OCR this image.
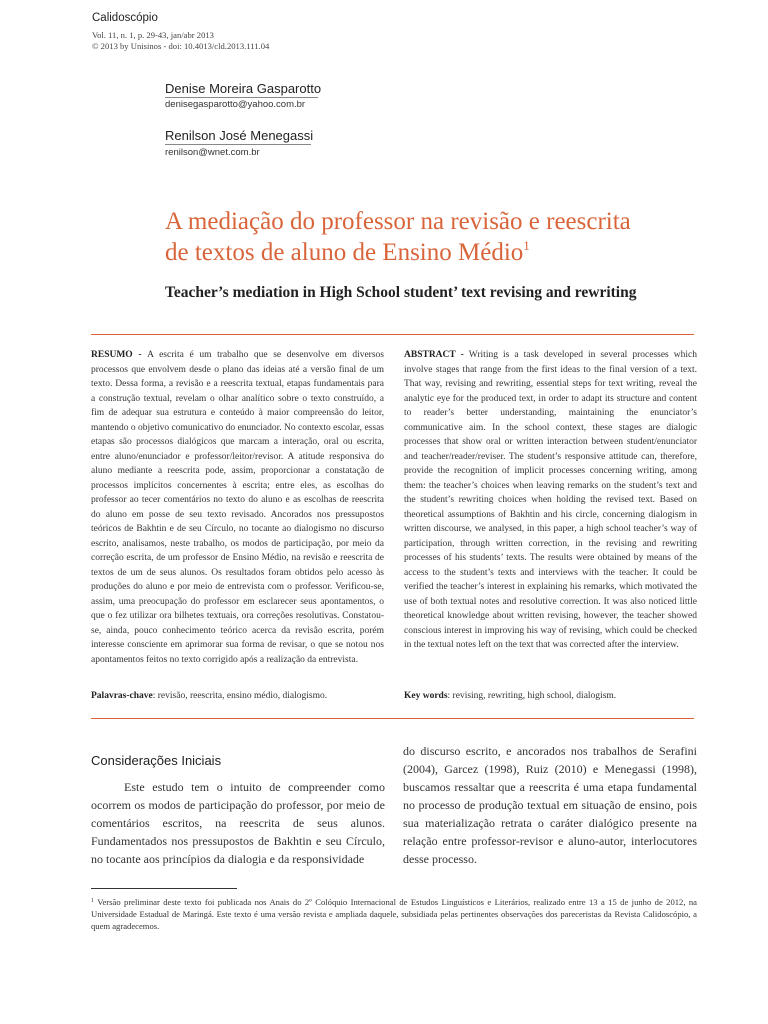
Calidoscópio
Vol. 11, n. 1, p. 29-43, jan/abr 2013
© 2013 by Unisinos - doi: 10.4013/cld.2013.111.04
Denise Moreira Gasparotto
denisegasparotto@yahoo.com.br
Renilson José Menegassi
renilson@wnet.com.br
A mediação do professor na revisão e reescrita
de textos de aluno de Ensino Médio$^1$
Teacher’s mediation in High School student’ text revising and rewriting
RESUMO - A escrita é um trabalho que se desenvolve em diversos processos que envolvem desde o plano das ideias até a versão final de um texto. Dessa forma, a revisão e a reescrita textual, etapas fundamentais para a construção textual, revelam o olhar analítico sobre o texto construído, a fim de adequar sua estrutura e conteúdo à maior compreensão do leitor, mantendo o objetivo comunicativo do enunciador. No contexto escolar, essas etapas são processos dialógicos que marcam a interação, oral ou escrita, entre aluno/enunciador e professor/leitor/revisor. A atitude responsiva do aluno mediante a reescrita pode, assim, proporcionar a constatação de processos implícitos concernentes à escrita; entre eles, as escolhas do professor ao tecer comentários no texto do aluno e as escolhas de reescrita do aluno em posse de seu texto revisado. Ancorados nos pressupostos teóricos de Bakhtin e de seu Círculo, no tocante ao dialogismo no discurso escrito, analisamos, neste trabalho, os modos de participação, por meio da correção escrita, de um professor de Ensino Médio, na revisão e reescrita de textos de um de seus alunos. Os resultados foram obtidos pelo acesso às produções do aluno e por meio de entrevista com o professor. Verificou-se, assim, uma preocupação do professor em esclarecer seus apontamentos, o que o fez utilizar ora bilhetes textuais, ora correções resolutivas. Constatou-se, ainda, pouco conhecimento teórico acerca da revisão escrita, porém interesse consciente em aprimorar sua forma de revisar, o que se notou nos apontamentos feitos no texto corrigido após a realização da entrevista.
ABSTRACT - Writing is a task developed in several processes which involve stages that range from the first ideas to the final version of a text. That way, revising and rewriting, essential steps for text writing, reveal the analytic eye for the produced text, in order to adapt its structure and content to reader’s better understanding, maintaining the enunciator’s communicative aim. In the school context, these stages are dialogic processes that show oral or written interaction between student/enunciator and teacher/reader/reviser. The student’s responsive attitude can, therefore, provide the recognition of implicit processes concerning writing, among them: the teacher’s choices when leaving remarks on the student’s text and the student’s rewriting choices when holding the revised text. Based on theoretical assumptions of Bakhtin and his circle, concerning dialogism in written discourse, we analysed, in this paper, a high school teacher’s way of participation, through written correction, in the revising and rewriting processes of his students’ texts. The results were obtained by means of the access to the student’s texts and interviews with the teacher. It could be verified the teacher’s interest in explaining his remarks, which motivated the use of both textual notes and resolutive correction. It was also noticed little theoretical knowledge about written revising, however, the teacher showed conscious interest in improving his way of revising, which could be checked in the textual notes left on the text that was corrected after the interview.
Palavras-chave: revisão, reescrita, ensino médio, dialogismo.	Key words: revising, rewriting, high school, dialogism.
Considerações Iniciais
Este estudo tem o intuito de compreender como ocorrem os modos de participação do professor, por meio de comentários escritos, na reescrita de seus alunos. Fundamentados nos pressupostos de Bakhtin e seu Círculo, no tocante aos princípios da dialogia e da responsividade
do discurso escrito, e ancorados nos trabalhos de Serafini (2004), Garcez (1998), Ruiz (2010) e Menegassi (1998), buscamos ressaltar que a reescrita é uma etapa fundamental no processo de produção textual em situação de ensino, pois sua materialização retrata o caráter dialógico presente na relação entre professor-revisor e aluno-autor, interlocutores desse processo.
$^1$ Versão preliminar deste texto foi publicada nos Anais do 2º Colóquio Internacional de Estudos Linguísticos e Literários, realizado entre 13 a 15 de junho de 2012, na Universidade Estadual de Maringá. Este texto é uma versão revista e ampliada daquele, subsidiada pelas pertinentes observações dos pareceristas da Revista Calidoscópio, a quem agradecemos.
